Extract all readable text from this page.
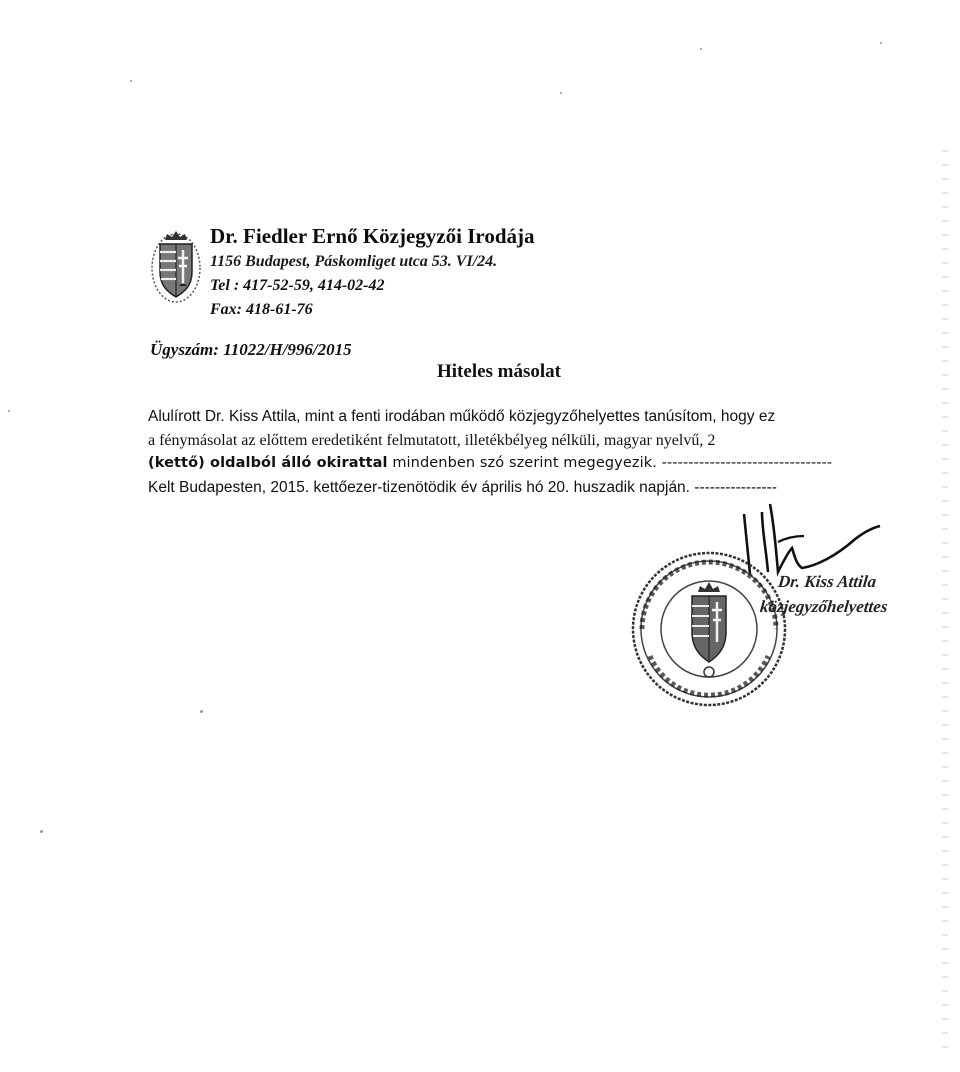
Dr. Fiedler Ernő Közjegyzői Irodája
1156 Budapest, Páskomliget utca 53. VI/24.
Tel : 417-52-59, 414-02-42
Fax: 418-61-76
Ügyszám: 11022/H/996/2015
Hiteles másolat
Alulírott Dr. Kiss Attila, mint a fenti irodában működő közjegyzőhelyettes tanúsítom, hogy ez
a fénymásolat az előttem eredetiként felmutatott, illetékbélyeg nélküli, magyar nyelvű, 2
(kettő) oldalból álló okirattal mindenben szó szerint megegyezik. --------------------------------
Kelt Budapesten, 2015. kettőezer-tizenötödik év április hó 20. huszadik napján. ----------------
Dr. Kiss Attila
közjegyzőhelyettes
